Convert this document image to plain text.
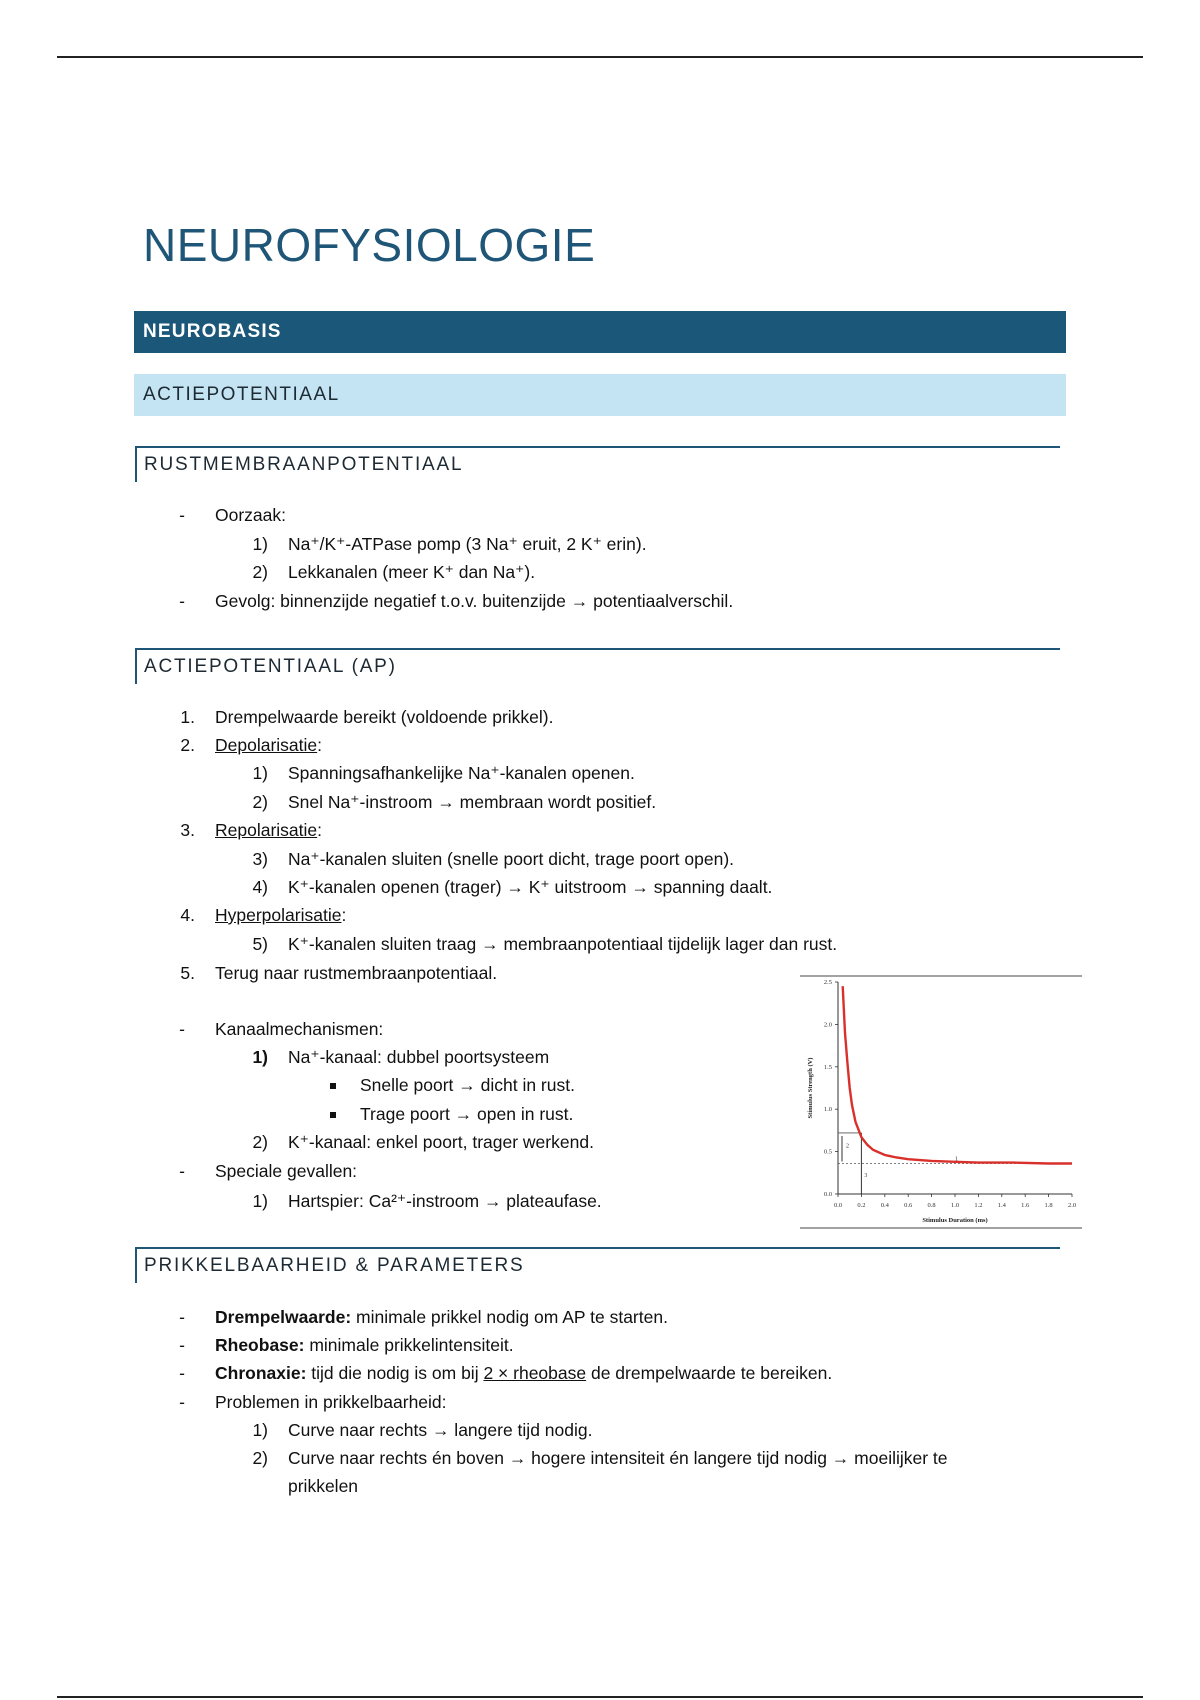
NEUROFYSIOLOGIE
NEUROBASIS
ACTIEPOTENTIAAL
RUSTMEMBRAANPOTENTIAAL
- Oorzaak:
1) Na⁺/K⁺-ATPase pomp (3 Na⁺ eruit, 2 K⁺ erin).
2) Lekkanalen (meer K⁺ dan Na⁺).
- Gevolg: binnenzijde negatief t.o.v. buitenzijde → potentiaalverschil.
ACTIEPOTENTIAAL (AP)
1. Drempelwaarde bereikt (voldoende prikkel).
2. Depolarisatie:
1) Spanningsafhankelijke Na⁺-kanalen openen.
2) Snel Na⁺-instroom → membraan wordt positief.
3. Repolarisatie:
3) Na⁺-kanalen sluiten (snelle poort dicht, trage poort open).
4) K⁺-kanalen openen (trager) → K⁺ uitstroom → spanning daalt.
4. Hyperpolarisatie:
5) K⁺-kanalen sluiten traag → membraanpotentiaal tijdelijk lager dan rust.
5. Terug naar rustmembraanpotentiaal.
- Kanaalmechanismen:
1) Na⁺-kanaal: dubbel poortsysteem
Snelle poort → dicht in rust.
Trage poort → open in rust.
2) K⁺-kanaal: enkel poort, trager werkend.
- Speciale gevallen:
1) Hartspier: Ca²⁺-instroom → plateaufase.	0.0 0.2 0.4 0.6 0.8 1.0 1.2 1.4 1.6 1.8 2.0
0.0
0.5
1.0
1.5
2.0
2.5
Stimulus Duration (ms)
Stimulus Strength (V)
2
1
3
PRIKKELBAARHEID & PARAMETERS
- Drempelwaarde: minimale prikkel nodig om AP te starten.
- Rheobase: minimale prikkelintensiteit.
- Chronaxie: tijd die nodig is om bij 2 × rheobase de drempelwaarde te bereiken.
- Problemen in prikkelbaarheid:
1) Curve naar rechts → langere tijd nodig.
2) Curve naar rechts én boven → hogere intensiteit én langere tijd nodig → moeilijker te
prikkelen
